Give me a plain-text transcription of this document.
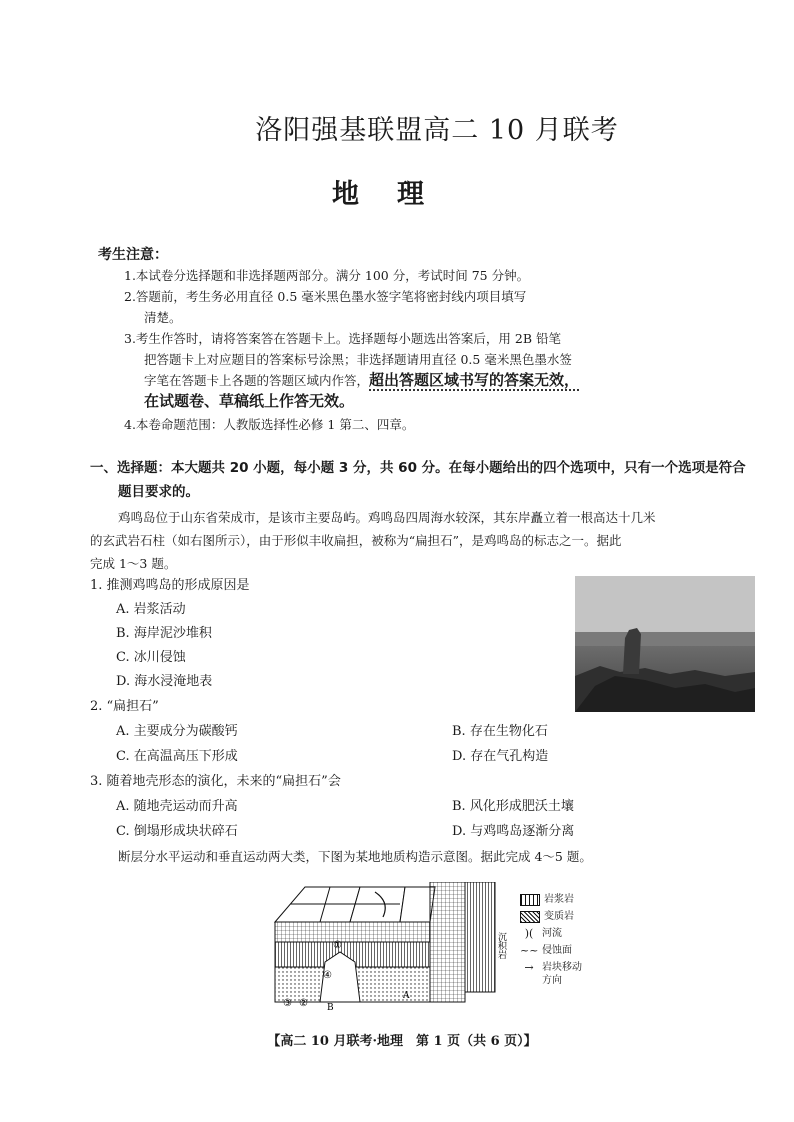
洛阳强基联盟高二 10 月联考
地理
考生注意：
1.本试卷分选择题和非选择题两部分。满分 100 分，考试时间 75 分钟。
2.答题前，考生务必用直径 0.5 毫米黑色墨水签字笔将密封线内项目填写
清楚。
3.考生作答时，请将答案答在答题卡上。选择题每小题选出答案后，用 2B 铅笔
把答题卡上对应题目的答案标号涂黑；非选择题请用直径 0.5 毫米黑色墨水签
字笔在答题卡上各题的答题区域内作答，超出答题区域书写的答案无效，
在试题卷、草稿纸上作答无效。
4.本卷命题范围：人教版选择性必修 1 第二、四章。
一、选择题：本大题共 20 小题，每小题 3 分，共 60 分。在每小题给出的四个选项中，只有一个选项是符合
题目要求的。
鸡鸣岛位于山东省荣成市，是该市主要岛屿。鸡鸣岛四周海水较深，其东岸矗立着一根高达十几米
的玄武岩石柱（如右图所示），由于形似丰收扁担，被称为“扁担石”，是鸡鸣岛的标志之一。据此
完成 1～3 题。
1. 推测鸡鸣岛的形成原因是
A. 岩浆活动
B. 海岸泥沙堆积
C. 冰川侵蚀
D. 海水浸淹地表
2. “扁担石”
A. 主要成分为碳酸钙	B. 存在生物化石
C. 在高温高压下形成	D. 存在气孔构造
3. 随着地壳形态的演化，未来的“扁担石”会
A. 随地壳运动而升高	B. 风化形成肥沃土壤
C. 倒塌形成块状碎石	D. 与鸡鸣岛逐渐分离
断层分水平运动和垂直运动两大类，下图为某地地质构造示意图。据此完成 4～5 题。
①
③ ②
④
A
B
沉积岩
岩浆岩
变质岩
)( 河流
~~ 侵蚀面
→ 岩块移动方向
【高二 10 月联考·地理　第 1 页（共 6 页）】
